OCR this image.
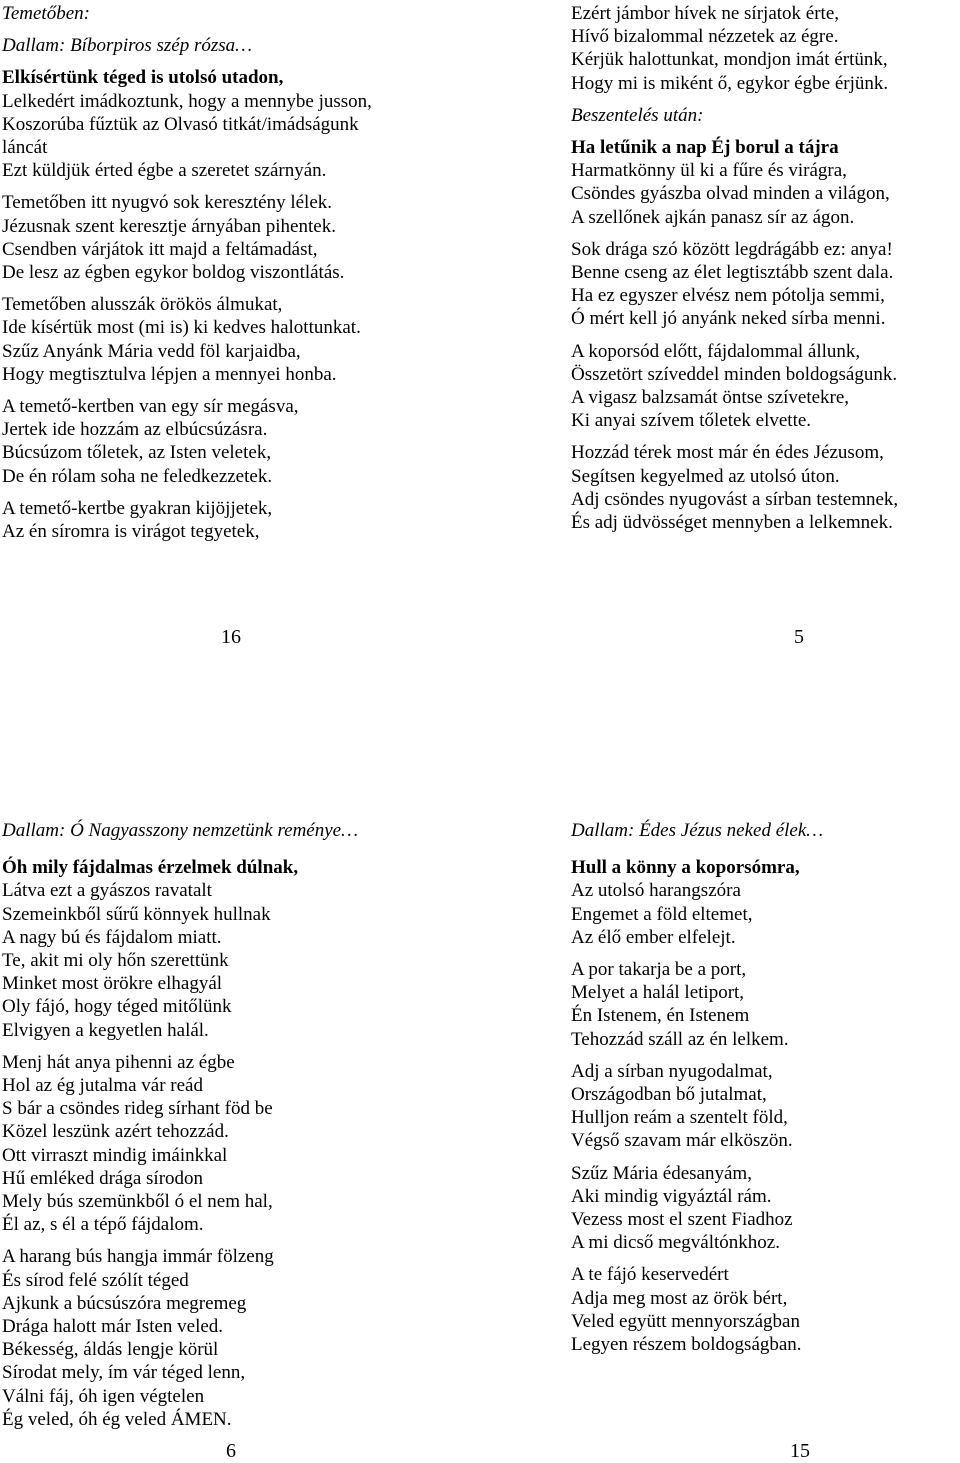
Temetőben:

Dallam: Bíborpiros szép rózsa…

Elkísértünk téged is utolsó utadon,

Lelkedért imádkoztunk, hogy a mennybe jusson,

Koszorúba fűztük az Olvasó titkát/imádságunk

láncát

Ezt küldjük érted égbe a szeretet szárnyán.

Temetőben itt nyugvó sok keresztény lélek.

Jézusnak szent keresztje árnyában pihentek.

Csendben várjátok itt majd a feltámadást,

De lesz az égben egykor boldog viszontlátás.

Temetőben alusszák örökös álmukat,

Ide kísértük most (mi is) ki kedves halottunkat.

Szűz Anyánk Mária vedd föl karjaidba,

Hogy megtisztulva lépjen a mennyei honba.

A temető-kertben van egy sír megásva,

Jertek ide hozzám az elbúcsúzásra.

Búcsúzom tőletek, az Isten veletek,

De én rólam soha ne feledkezzetek.

A temető-kertbe gyakran kijöjjetek,

Az én síromra is virágot tegyetek,

16

Ezért jámbor hívek ne sírjatok érte,

Hívő bizalommal nézzetek az égre.

Kérjük halottunkat, mondjon imát értünk,

Hogy mi is miként ő, egykor égbe érjünk.

Beszentelés után:

Ha letűnik a nap Éj borul a tájra

Harmatkönny ül ki a fűre és virágra,

Csöndes gyászba olvad minden a világon,

A szellőnek ajkán panasz sír az ágon.

Sok drága szó között legdrágább ez: anya!

Benne cseng az élet legtisztább szent dala.

Ha ez egyszer elvész nem pótolja semmi,

Ó mért kell jó anyánk neked sírba menni.

A koporsód előtt, fájdalommal állunk,

Összetört szíveddel minden boldogságunk.

A vigasz balzsamát öntse szívetekre,

Ki anyai szívem tőletek elvette.

Hozzád térek most már én édes Jézusom,

Segítsen kegyelmed az utolsó úton.

Adj csöndes nyugovást a sírban testemnek,

És adj üdvösséget mennyben a lelkemnek.

5

Dallam: Ó Nagyasszony nemzetünk reménye…

Óh mily fájdalmas érzelmek dúlnak,

Látva ezt a gyászos ravatalt

Szemeinkből sűrű könnyek hullnak

A nagy bú és fájdalom miatt.

Te, akit mi oly hőn szerettünk

Minket most örökre elhagyál

Oly fájó, hogy téged mitőlünk

Elvigyen a kegyetlen halál.

Menj hát anya pihenni az égbe

Hol az ég jutalma vár reád

S bár a csöndes rideg sírhant föd be

Közel leszünk azért tehozzád.

Ott virraszt mindig imáinkkal

Hű emléked drága sírodon

Mely bús szemünkből ó el nem hal,

Él az, s él a tépő fájdalom.

A harang bús hangja immár fölzeng

És sírod felé szólít téged

Ajkunk a búcsúszóra megremeg

Drága halott már Isten veled.

Békesség, áldás lengje körül

Sírodat mely, ím vár téged lenn,

Válni fáj, óh igen végtelen

Ég veled, óh ég veled ÁMEN.

6

Dallam: Édes Jézus neked élek…

Hull a könny a koporsómra,

Az utolsó harangszóra

Engemet a föld eltemet,

Az élő ember elfelejt.

A por takarja be a port,

Melyet a halál letiport,

Én Istenem, én Istenem

Tehozzád száll az én lelkem.

Adj a sírban nyugodalmat,

Országodban bő jutalmat,

Hulljon reám a szentelt föld,

Végső szavam már elköszön.

Szűz Mária édesanyám,

Aki mindig vigyáztál rám.

Vezess most el szent Fiadhoz

A mi dicső megváltónkhoz.

A te fájó keservedért

Adja meg most az örök bért,

Veled együtt mennyországban

Legyen részem boldogságban.

15
